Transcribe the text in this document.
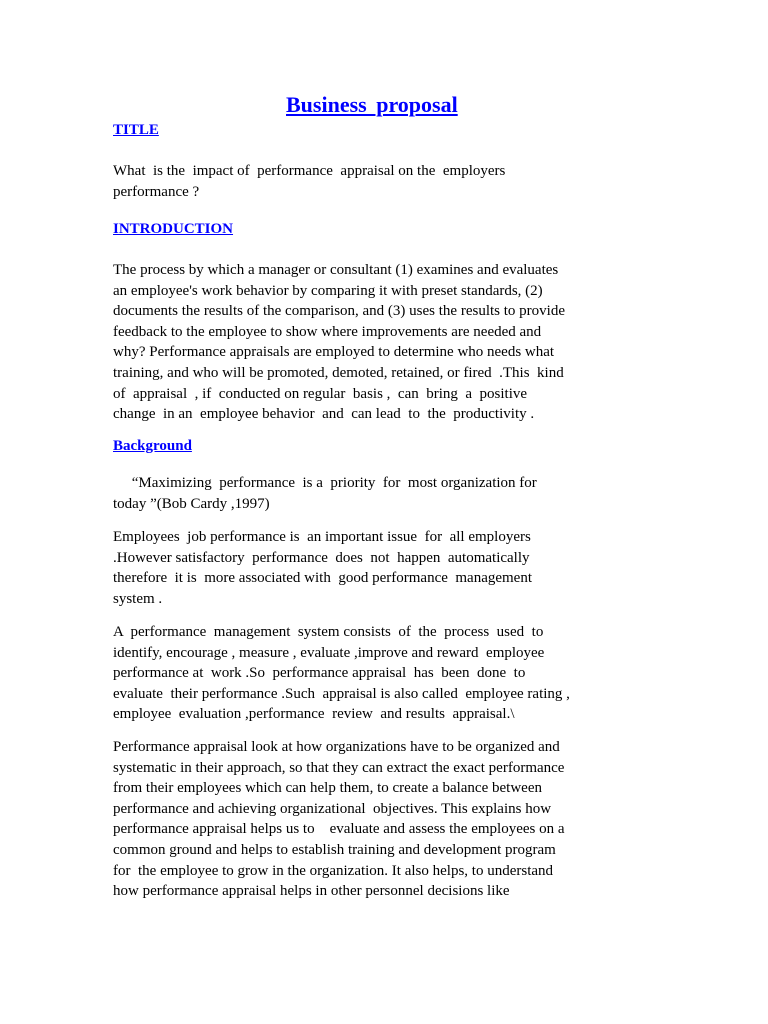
Business proposal
TITLE
What  is the  impact of  performance  appraisal on the  employers
performance ?
INTRODUCTION
The process by which a manager or consultant (1) examines and evaluates
an employee's work behavior by comparing it with preset standards, (2)
documents the results of the comparison, and (3) uses the results to provide
feedback to the employee to show where improvements are needed and
why? Performance appraisals are employed to determine who needs what
training, and who will be promoted, demoted, retained, or fired  .This  kind
of  appraisal  , if  conducted on regular  basis ,  can  bring  a  positive
change  in an  employee behavior  and  can lead  to  the  productivity .
Background
“Maximizing  performance  is a  priority  for  most organization for
today ”(Bob Cardy ,1997)
Employees  job performance is  an important issue  for  all employers
.However satisfactory  performance  does  not  happen  automatically
therefore  it is  more associated with  good performance  management
system .
A  performance  management  system consists  of  the  process  used  to
identify, encourage , measure , evaluate ,improve and reward  employee
performance at  work .So  performance appraisal  has  been  done  to
evaluate  their performance .Such  appraisal is also called  employee rating ,
employee  evaluation ,performance  review  and results  appraisal.\
Performance appraisal look at how organizations have to be organized and
systematic in their approach, so that they can extract the exact performance
from their employees which can help them, to create a balance between
performance and achieving organizational  objectives. This explains how
performance appraisal helps us to    evaluate and assess the employees on a
common ground and helps to establish training and development program
for  the employee to grow in the organization. It also helps, to understand
how performance appraisal helps in other personnel decisions like
